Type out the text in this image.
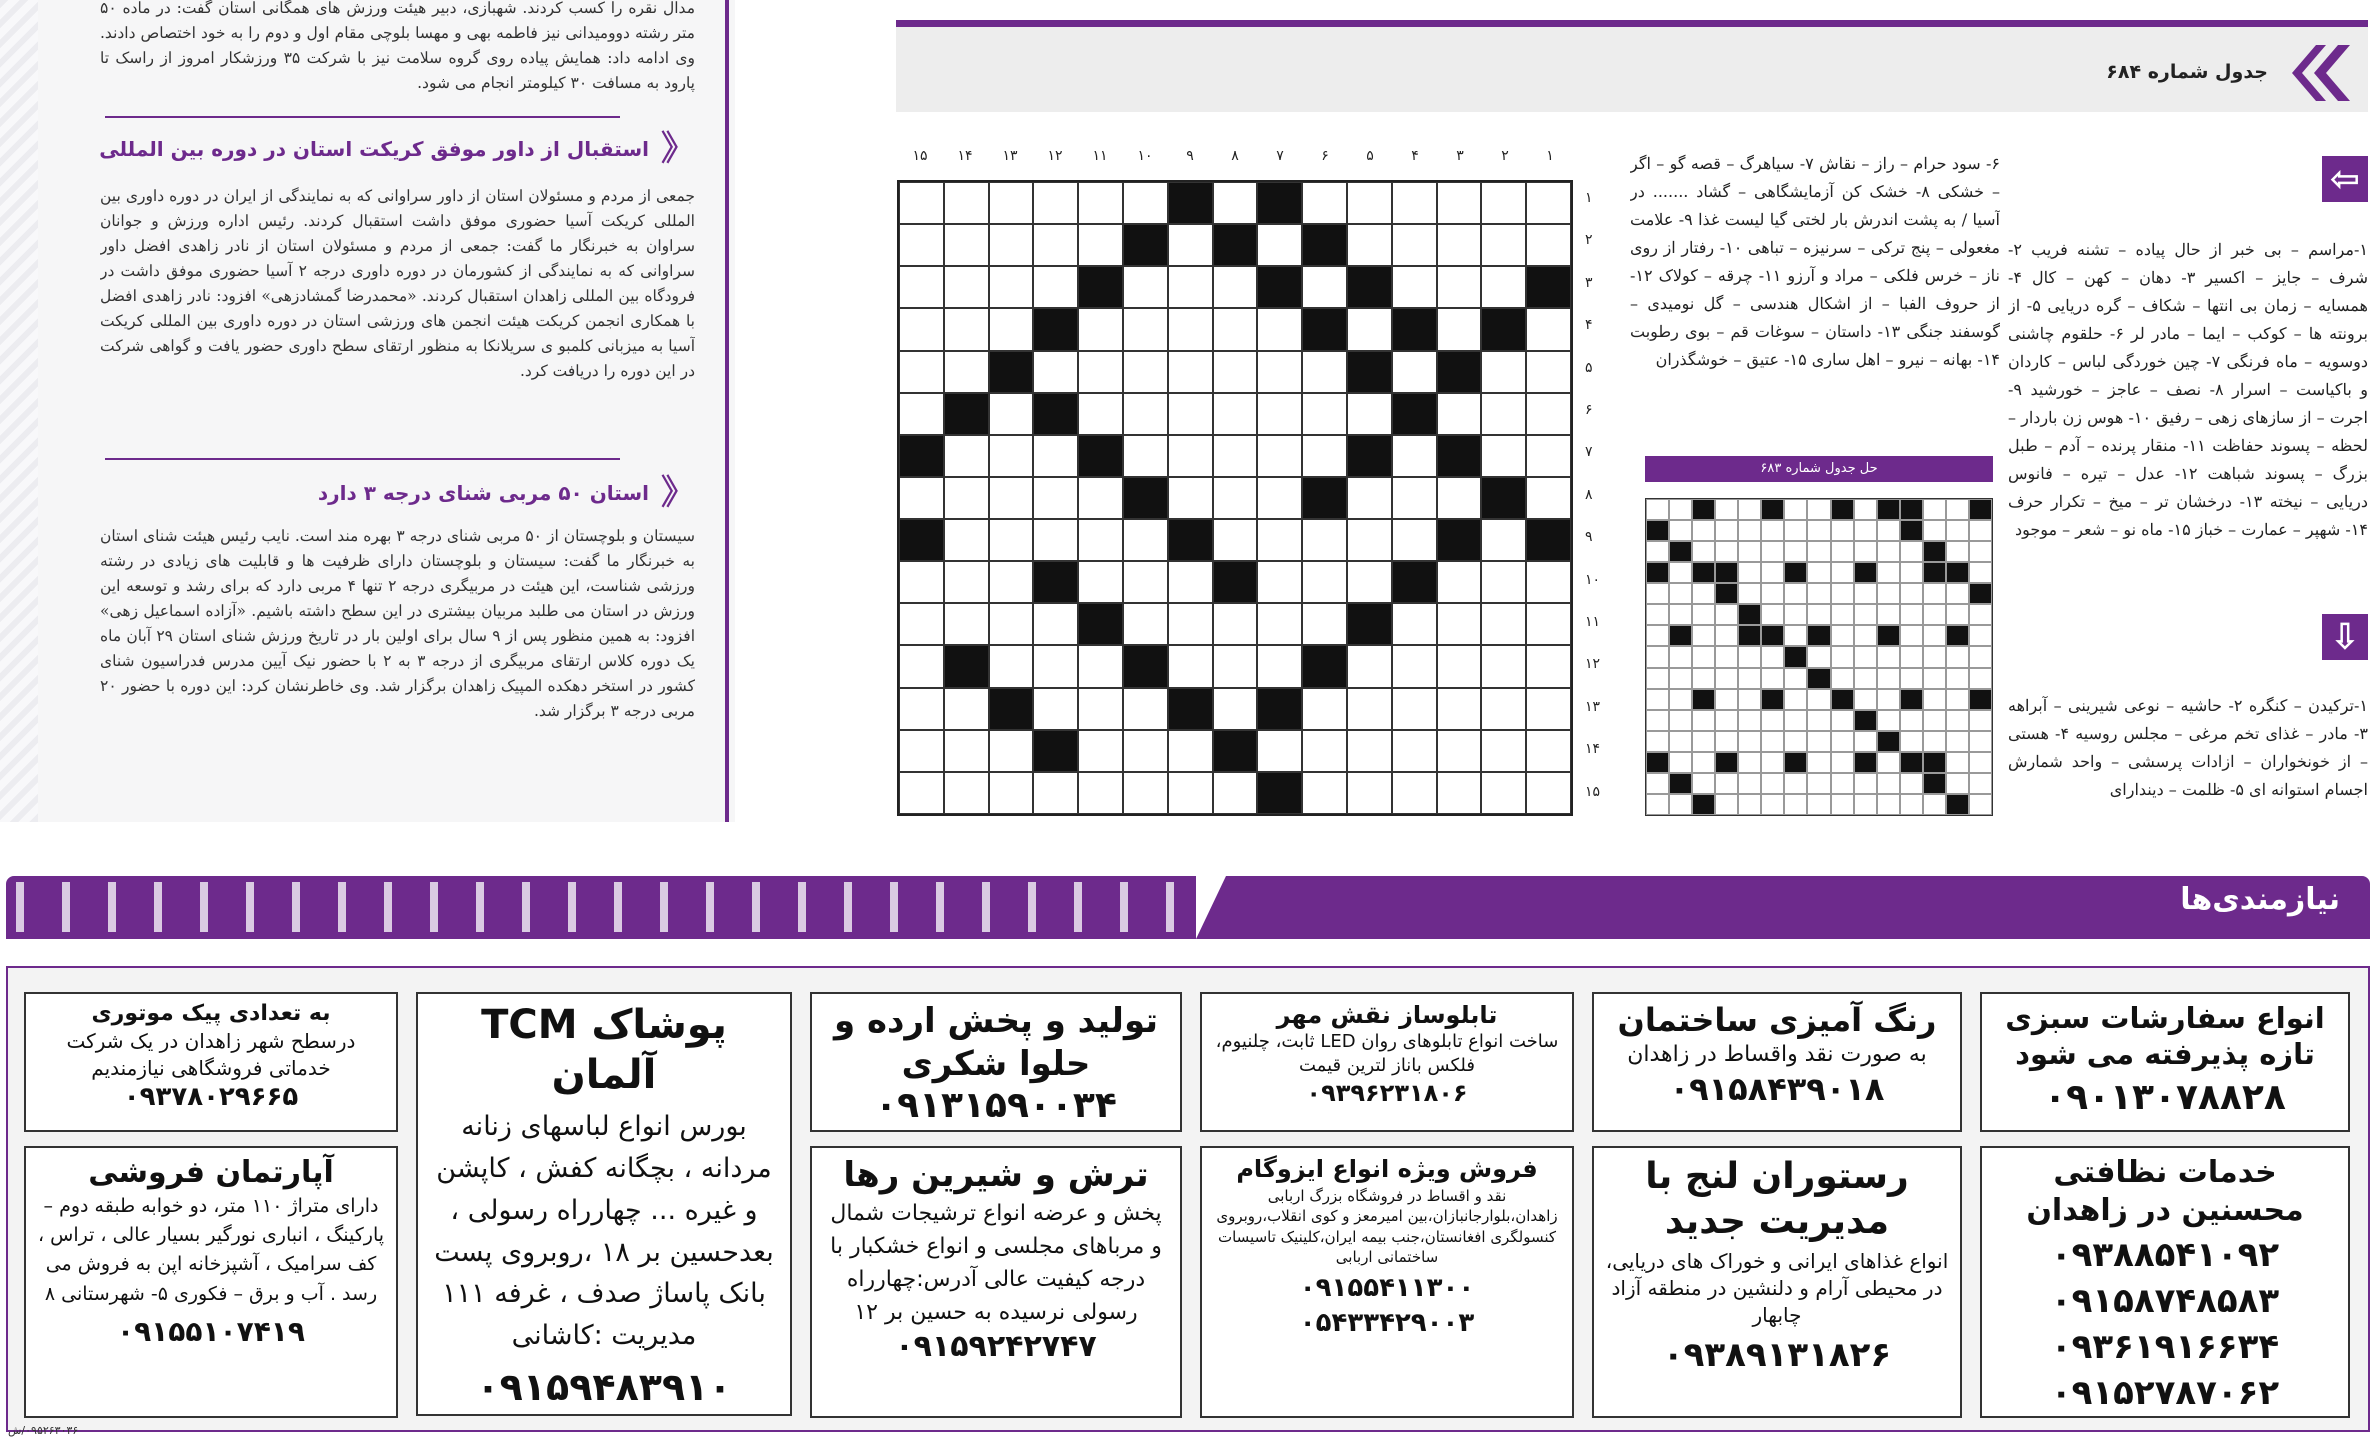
مدال نقره را کسب کردند. شهبازی، دبیر هیئت ورزش های همگانی استان گفت: در ماده ۵۰ متر رشته دوومیدانی نیز فاطمه بهی و مهسا بلوچی مقام اول و دوم را به خود اختصاص دادند. وی ادامه داد: همایش پیاده روی گروه سلامت نیز با شرکت ۳۵ ورزشکار امروز از راسک تا پارود به مسافت ۳۰ کیلومتر انجام می شود.
《
استقبال از داور موفق کریکت استان در دوره بین المللی
جمعی از مردم و مسئولان استان از داور سراوانی که به نمایندگی از ایران در دوره داوری بین المللی کریکت آسیا حضوری موفق داشت استقبال کردند. رئیس اداره ورزش و جوانان سراوان به خبرنگار ما گفت: جمعی از مردم و مسئولان استان از نادر زاهدی افضل داور سراوانی که به نمایندگی از کشورمان در دوره داوری درجه ۲ آسیا حضوری موفق داشت در فرودگاه بین المللی زاهدان استقبال کردند. «محمدرضا گمشادزهی» افزود: نادر زاهدی افضل با همکاری انجمن کریکت هیئت انجمن های ورزشی استان در دوره داوری بین المللی کریکت آسیا به میزبانی کلمبو ی سریلانکا به منظور ارتقای سطح داوری حضور یافت و گواهی شرکت در این دوره را دریافت کرد.
《
استان ۵۰ مربی شنای درجه ۳ دارد
سیستان و بلوچستان از ۵۰ مربی شنای درجه ۳ بهره مند است. نایب رئیس هیئت شنای استان به خبرنگار ما گفت: سیستان و بلوچستان دارای ظرفیت ها و قابلیت های زیادی در رشته ورزشی شناست، این هیئت در مربیگری درجه ۲ تنها ۴ مربی دارد که برای رشد و توسعه این ورزش در استان می طلبد مربیان بیشتری در این سطح داشته باشیم. «آزاده اسماعیل زهی» افزود: به همین منظور پس از ۹ سال برای اولین بار در تاریخ ورزش شنای استان ۲۹ آبان ماه یک دوره کلاس ارتقای مربیگری از درجه ۳ به ۲ با حضور نیک آیین مدرس فدراسیون شنای کشور در استخر دهکده المپیک زاهدان برگزار شد. وی خاطرنشان کرد: این دوره با حضور ۲۰ مربی درجه ۳ برگزار شد.
جدول شماره ۶۸۴
⇦
⇩
۱-مراسم – بی خبر از حال پیاده – تشنه فریب ۲- شرف – جایز – اکسیر ۳- دهان – کهن – کال ۴- همسایه – زمان بی انتها – شکاف – گره دریایی ۵- از برونته ها – کوکب – ایما – مادر لر ۶- حلقوم چاشنی دوسویه – ماه فرنگی ۷- چین خوردگی لباس – کاردان و باکیاست – اسرار ۸- نصف – عاجز – خورشید ۹- اجرت – از سازهای زهی – رفیق ۱۰- هوس زن باردار – لحظه – پسوند حفاظت ۱۱- منقار پرنده – آدم – طبل بزرگ – پسوند شباهت ۱۲- عدل – تیره – فانوس دریایی – نیخته ۱۳- درخشان تر – میخ – تکرار حرف ۱۴- شهپر – عمارت – خباز ۱۵- ماه نو – شعر – موجود
۶- سود حرام – راز – نقاش ۷- سیاهرگ – قصه گو – اگر – خشکی ۸- خشک کن آزمایشگاهی – گشاد ....... در آسیا / به پشت اندرش بار لختی گیا لیست غذا ۹- علامت مغعولی – پنج ترکی – سرنیزه – تباهی ۱۰- رفتار از روی ناز – خرس فلکی – مراد و آرزو ۱۱- چرقه – کولاک ۱۲- از حروف الفبا – از اشکال هندسی – گل نومیدی – گوسفند جنگی ۱۳- داستان – سوغات قم – بوی رطوبت ۱۴- بهانه – نیرو – اهل ساری ۱۵- عتیق – خوشگذران
۱-ترکیدن – کنگره ۲- حاشیه – نوعی شیرینی – آبراهه ۳- مادر – غذای تخم مرغی – مجلس روسیه ۴- هستی – از خونخواران – ازادات پرسشی – واحد شمارش اجسام استوانه ای ۵- ظلمت – دیندارای
۱
۲
۳
۴
۵
۶
۷
۸
۹
۱۰
۱۱
۱۲
۱۳
۱۴
۱۵
۱
۲
۳
۴
۵
۶
۷
۸
۹
۱۰
۱۱
۱۲
۱۳
۱۴
۱۵
حل جدول شماره ۶۸۳
نیازمندی‌ها
انواع سفارشات سبزی تازه پذیرفته می شود
۰۹۰۱۳۰۷۸۸۲۸
رنگ آمیزی ساختمان
به صورت نقد واقساط در زاهدان
۰۹۱۵۸۴۳۹۰۱۸
تابلوساز نقش مهر
ساخت انواع تابلوهای روان LED ثابت، چلنیوم، فلکس باناز لترین قیمت
۰۹۳۹۶۲۳۱۸۰۶
تولید و پخش ارده و حلوا شکری
۰۹۱۳۱۵۹۰۰۳۴
پوشاک TCM آلمان
بورس انواع لباسهای زنانه مردانه ، بچگانه کفش ، کاپشن و غیره ... چهارراه رسولی ، بعدحسین بر ۱۸ ،روبروی پست بانک پاساژ صدف ، غرفه ۱۱۱ مدیریت :کاشانی
۰۹۱۵۹۴۸۳۹۱۰
به تعدادی پیک موتوری
درسطح شهر زاهدان در یک شرکت خدماتی فروشگاهی نیازمندیم
۰۹۳۷۸۰۲۹۶۶۵
خدمات نظافتی محسنین در زاهدان
۰۹۳۸۸۵۴۱۰۹۲ ۰۹۱۵۸۷۴۸۵۸۳ ۰۹۳۶۱۹۱۶۶۳۴ ۰۹۱۵۲۷۸۷۰۶۲
رستوران لنج با مدیریت جدید
انواع غذاهای ایرانی و خوراک های دریایی، در محیطی آرام و دلنشین در منطقه آزاد چابهار
۰۹۳۸۹۱۳۱۸۲۶
فروش ویژه انواع ایزوگام
نقد و اقساط در فروشگاه بزرگ اربابی زاهدان،بلوارجانبازان،بین امیرمعز و کوی انقلاب،روبروی کنسولگری افغانستان،جنب بیمه ایران،کلینیک تاسیسات ساختمانی اربابی
۰۹۱۵۵۴۱۱۳۰۰ ۰۵۴۳۳۴۲۹۰۰۳
ترش و شیرین رها
پخش و عرضه انواع ترشیجات شمال و مرباهای مجلسی و انواع خشکبار با درجه کیفیت عالی آدرس:چهارراه رسولی نرسیده به حسین بر ۱۲
۰۹۱۵۹۲۴۲۷۴۷
آپارتمان فروشی
دارای متراژ ۱۱۰ متر، دو خوابه طبقه دوم – پارکینگ ، انباری نورگیر بسیار عالی ، تراس ، کف سرامیک ، آشپزخانه اپن به فروش می رسد . آب و برق – فکوری ۵- شهرستانی ۸
۰۹۱۵۵۱۰۷۴۱۹
۰۹۵۲۶۳۰۳۶/ش
